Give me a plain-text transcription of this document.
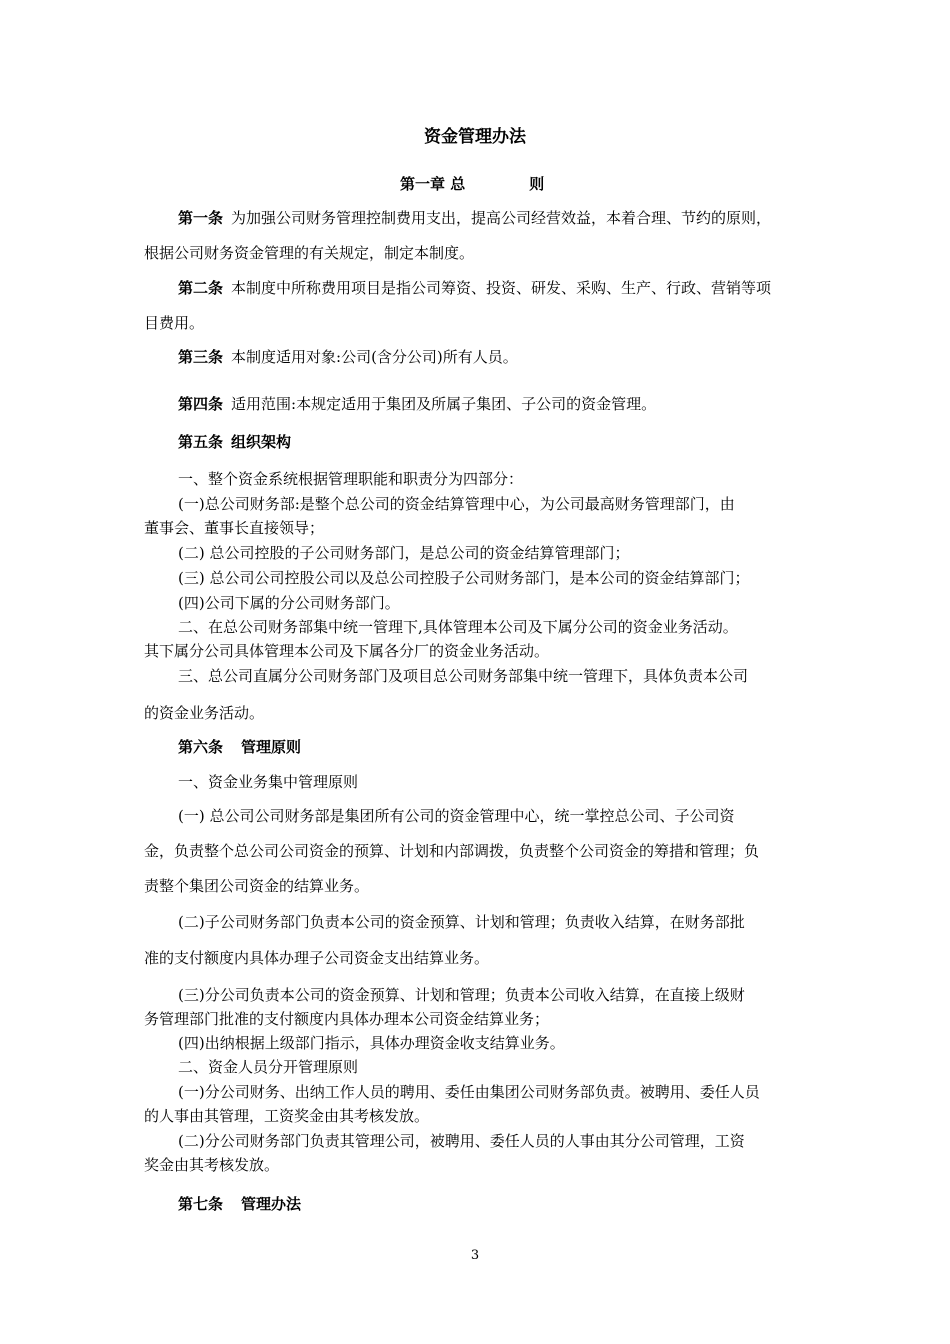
资金管理办法
第一章 总	则
第一条 为加强公司财务管理控制费用支出，提高公司经营效益，本着合理、节约的原则，
根据公司财务资金管理的有关规定，制定本制度。
第二条 本制度中所称费用项目是指公司筹资、投资、研发、采购、生产、行政、营销等项
目费用。
第三条 本制度适用对象:公司(含分公司)所有人员。
第四条 适用范围:本规定适用于集团及所属子集团、子公司的资金管理。
第五条 组织架构
一、整个资金系统根据管理职能和职责分为四部分：
(一)总公司财务部:是整个总公司的资金结算管理中心，为公司最高财务管理部门，由
董事会、董事长直接领导；
(二) 总公司控股的子公司财务部门，是总公司的资金结算管理部门；
(三) 总公司公司控股公司以及总公司控股子公司财务部门，是本公司的资金结算部门；
(四)公司下属的分公司财务部门。
二、在总公司财务部集中统一管理下,具体管理本公司及下属分公司的资金业务活动。
其下属分公司具体管理本公司及下属各分厂的资金业务活动。
三、总公司直属分公司财务部门及项目总公司财务部集中统一管理下，具体负责本公司
的资金业务活动。
第六条 管理原则
一、资金业务集中管理原则
(一) 总公司公司财务部是集团所有公司的资金管理中心，统一掌控总公司、子公司资
金，负责整个总公司公司资金的预算、计划和内部调拨，负责整个公司资金的筹措和管理；负
责整个集团公司资金的结算业务。
(二)子公司财务部门负责本公司的资金预算、计划和管理；负责收入结算，在财务部批
准的支付额度内具体办理子公司资金支出结算业务。
(三)分公司负责本公司的资金预算、计划和管理；负责本公司收入结算，在直接上级财
务管理部门批准的支付额度内具体办理本公司资金结算业务；
(四)出纳根据上级部门指示，具体办理资金收支结算业务。
二、资金人员分开管理原则
(一)分公司财务、出纳工作人员的聘用、委任由集团公司财务部负责。被聘用、委任人员
的人事由其管理，工资奖金由其考核发放。
(二)分公司财务部门负责其管理公司，被聘用、委任人员的人事由其分公司管理，工资
奖金由其考核发放。
第七条 管理办法
3
